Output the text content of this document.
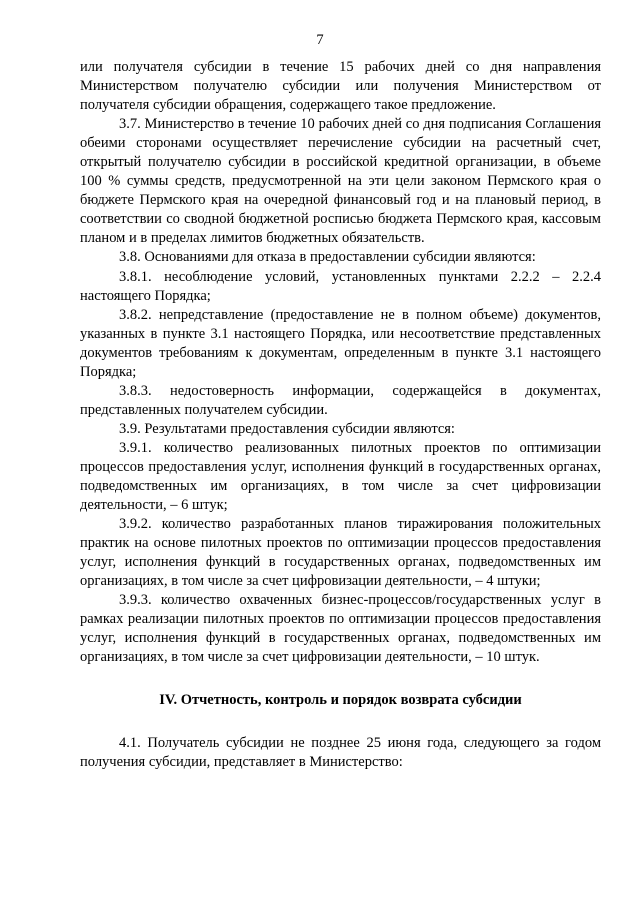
7

или получателя субсидии в течение 15 рабочих дней со дня направления Министерством получателю субсидии или получения Министерством от получателя субсидии обращения, содержащего такое предложение.

3.7. Министерство в течение 10 рабочих дней со дня подписания Соглашения обеими сторонами осуществляет перечисление субсидии на расчетный счет, открытый получателю субсидии в российской кредитной организации, в объеме 100 % суммы средств, предусмотренной на эти цели законом Пермского края о бюджете Пермского края на очередной финансовый год и на плановый период, в соответствии со сводной бюджетной росписью бюджета Пермского края, кассовым планом и в пределах лимитов бюджетных обязательств.

3.8. Основаниями для отказа в предоставлении субсидии являются:

3.8.1. несоблюдение условий, установленных пунктами 2.2.2 – 2.2.4 настоящего Порядка;

3.8.2. непредставление (предоставление не в полном объеме) документов, указанных в пункте 3.1 настоящего Порядка, или несоответствие представленных документов требованиям к документам, определенным в пункте 3.1 настоящего Порядка;

3.8.3. недостоверность информации, содержащейся в документах, представленных получателем субсидии.

3.9. Результатами предоставления субсидии являются:

3.9.1. количество реализованных пилотных проектов по оптимизации процессов предоставления услуг, исполнения функций в государственных органах, подведомственных им организациях, в том числе за счет цифровизации деятельности, – 6 штук;

3.9.2. количество разработанных планов тиражирования положительных практик на основе пилотных проектов по оптимизации процессов предоставления услуг, исполнения функций в государственных органах, подведомственных им организациях, в том числе за счет цифровизации деятельности, – 4 штуки;

3.9.3. количество охваченных бизнес-процессов/государственных услуг в рамках реализации пилотных проектов по оптимизации процессов предоставления услуг, исполнения функций в государственных органах, подведомственных им организациях, в том числе за счет цифровизации деятельности, – 10 штук.

IV. Отчетность, контроль и порядок возврата субсидии

4.1. Получатель субсидии не позднее 25 июня года, следующего за годом получения субсидии, представляет в Министерство:
